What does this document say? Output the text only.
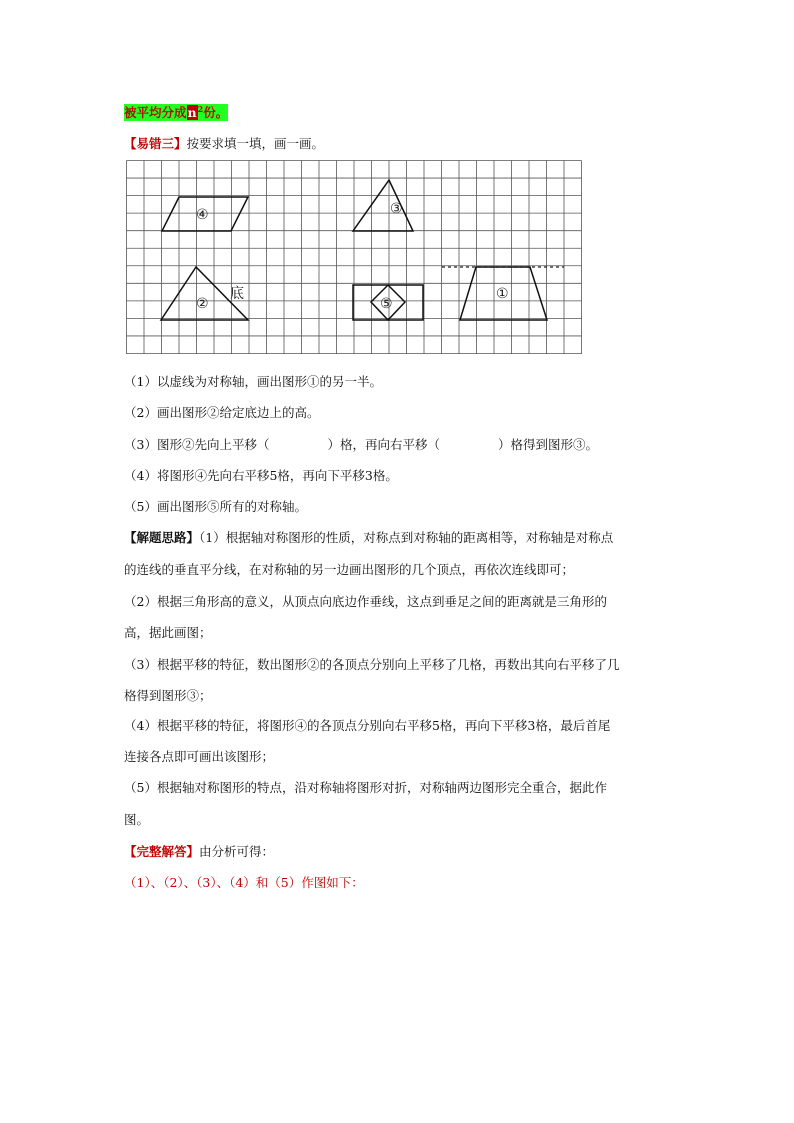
被平均分成$n^2$份。
【易错三】按要求填一填，画一画。
④	③
②
底
⑤
①
（1）以虚线为对称轴，画出图形①的另一半。
（2）画出图形②给定底边上的高。
（3）图形②先向上平移（	）格，再向右平移（	）格得到图形③。
（4）将图形④先向右平移5格，再向下平移3格。
（5）画出图形⑤所有的对称轴。
【解题思路】（1）根据轴对称图形的性质，对称点到对称轴的距离相等，对称轴是对称点
的连线的垂直平分线，在对称轴的另一边画出图形的几个顶点，再依次连线即可；
（2）根据三角形高的意义，从顶点向底边作垂线，这点到垂足之间的距离就是三角形的
高，据此画图；
（3）根据平移的特征，数出图形②的各顶点分别向上平移了几格，再数出其向右平移了几
格得到图形③；
（4）根据平移的特征，将图形④的各顶点分别向右平移5格，再向下平移3格，最后首尾
连接各点即可画出该图形；
（5）根据轴对称图形的特点，沿对称轴将图形对折，对称轴两边图形完全重合，据此作
图。
【完整解答】由分析可得：
（1）、（2）、（3）、（4）和（5）作图如下：
